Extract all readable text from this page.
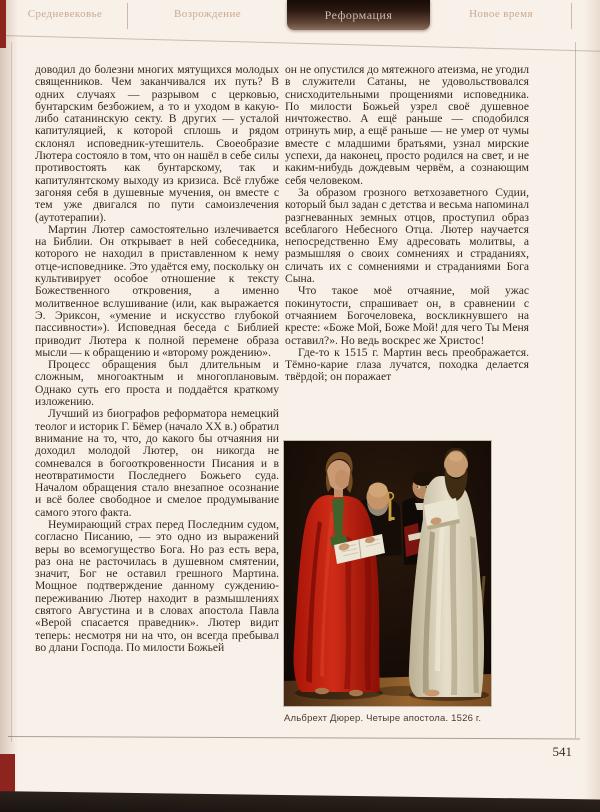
Средневековье	Возрождение	Реформация	Новое время

доводил до болезни многих мятущихся молодых священников. Чем заканчивался их путь? В одних случаях — разрывом с церковью, бунтарским безбожием, а то и уходом в какую-либо сатанинскую секту. В других — усталой капитуляцией, к которой сплошь и рядом склонял исповедник-утешитель. Своеобразие Лютера состояло в том, что он нашёл в себе силы противостоять как бунтарскому, так и капитулянтскому выходу из кризиса. Всё глубже загоняя себя в душевные мучения, он вместе с тем уже двигался по пути самоизлечения (аутотерапии).

Мартин Лютер самостоятельно излечивается на Библии. Он открывает в ней собеседника, которого не находил в приставленном к нему отце-исповеднике. Это удаётся ему, поскольку он культивирует особое отношение к тексту Божественного откровения, а именно молитвенное вслушивание (или, как выражается Э. Эриксон, «умение и искусство глубокой пассивности»). Исповедная беседа с Библией приводит Лютера к полной перемене образа мысли — к обращению и «второму рождению».

Процесс обращения был длительным и сложным, многоактным и многоплановым. Однако суть его проста и поддаётся краткому изложению.

Лучший из биографов реформатора немецкий теолог и историк Г. Бёмер (начало XX в.) обратил внимание на то, что, до какого бы отчаяния ни доходил молодой Лютер, он никогда не сомневался в богооткровенности Писания и в неотвратимости Последнего Божьего суда. Началом обращения стало внезапное осознание и всё более свободное и смелое продумывание самого этого факта.

Неумирающий страх перед Последним судом, согласно Писанию, — это одно из выражений веры во всемогущество Бога. Но раз есть вера, раз она не расточилась в душевном смятении, значит, Бог не оставил грешного Мартина. Мощное подтверждение данному суждению-переживанию Лютер находит в размышлениях святого Августина и в словах апостола Павла «Верой спасается праведник». Лютер видит теперь: несмотря ни на что, он всегда пребывал во длани Господа. По милости Божьей

он не опустился до мятежного атеизма, не угодил в служители Сатаны, не удовольствовался снисходительными прощениями исповедника. По милости Божьей узрел своё душевное ничтожество. А ещё раньше — сподобился отринуть мир, а ещё раньше — не умер от чумы вместе с младшими братьями, узнал мирские успехи, да наконец, просто родился на свет, и не каким-нибудь дождевым червём, а сознающим себя человеком.

За образом грозного ветхозаветного Судии, который был задан с детства и весьма напоминал разгневанных земных отцов, проступил образ всеблагого Небесного Отца. Лютер научается непосредственно Ему адресовать молитвы, а размышляя о своих сомнениях и страданиях, сличать их с сомнениями и страданиями Бога Сына.

Что такое моё отчаяние, мой ужас покинутости, спрашивает он, в сравнении с отчаянием Богочеловека, воскликнувшего на кресте: «Боже Мой, Боже Мой! для чего Ты Меня оставил?». Но ведь воскрес же Христос!

Где-то к 1515 г. Мартин весь преображается. Тёмно-карие глаза лучатся, походка делается твёрдой; он поражает

Альбрехт Дюрер. Четыре апостола. 1526 г.
541
